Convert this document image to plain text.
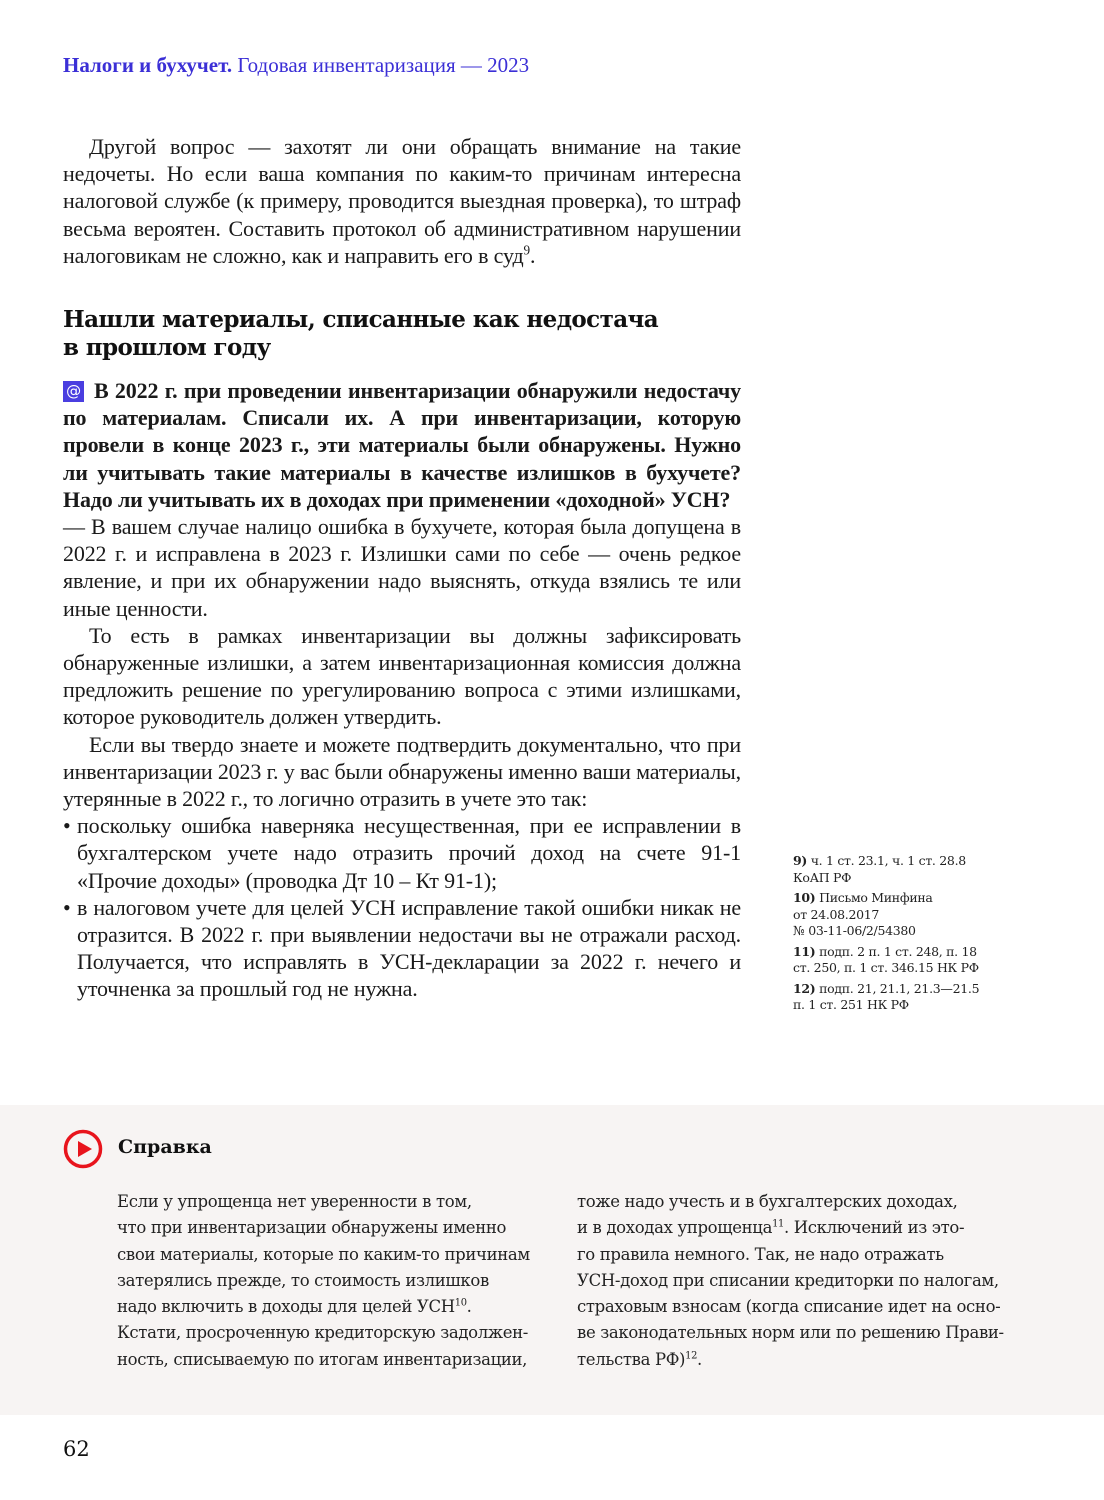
Налоги и бухучет. Годовая инвентаризация — 2023

Другой вопрос — захотят ли они обращать внимание на такие недочеты. Но если ваша компания по каким-то причинам интересна налоговой службе (к примеру, проводится выездная проверка), то штраф весьма вероятен. Составить протокол об административном нарушении налоговикам не сложно, как и направить его в суд$^9$.

Нашли материалы, списанные как недостача
в прошлом году

@ В 2022 г. при проведении инвентаризации обнаружили недостачу по материалам. Списали их. А при инвентаризации, которую провели в конце 2023 г., эти материалы были обнаружены. Нужно ли учитывать такие материалы в качестве излишков в бухучете? Надо ли учитывать их в доходах при применении «доходной» УСН?

— В вашем случае налицо ошибка в бухучете, которая была допущена в 2022 г. и исправлена в 2023 г. Излишки сами по себе — очень редкое явление, и при их обнаружении надо выяснять, откуда взялись те или иные ценности.

То есть в рамках инвентаризации вы должны зафиксировать обнаруженные излишки, а затем инвентаризационная комиссия должна предложить решение по урегулированию вопроса с этими излишками, которое руководитель должен утвердить.

Если вы твердо знаете и можете подтвердить документально, что при инвентаризации 2023 г. у вас были обнаружены именно ваши материалы, утерянные в 2022 г., то логично отразить в учете это так:

• поскольку ошибка наверняка несущественная, при ее исправлении в бухгалтерском учете надо отразить прочий доход на счете 91-1 «Прочие доходы» (проводка Дт 10 – Кт 91-1);
• в налоговом учете для целей УСН исправление такой ошибки никак не отразится. В 2022 г. при выявлении недостачи вы не отражали расход. Получается, что исправлять в УСН-декларации за 2022 г. нечего и уточненка за прошлый год не нужна.
9) ч. 1 ст. 23.1, ч. 1 ст. 28.8
КоАП РФ
10) Письмо Минфина
от 24.08.2017
№ 03-11-06/2/54380
11) подп. 2 п. 1 ст. 248, п. 18
ст. 250, п. 1 ст. 346.15 НК РФ
12) подп. 21, 21.1, 21.3—21.5
п. 1 ст. 251 НК РФ
Справка
Если у упрощенца нет уверенности в том,
что при инвентаризации обнаружены именно
свои материалы, которые по каким-то причинам
затерялись прежде, то стоимость излишков
надо включить в доходы для целей УСН$^{10}$.
Кстати, просроченную кредиторскую задолжен-
ность, списываемую по итогам инвентаризации,
тоже надо учесть и в бухгалтерских доходах,
и в доходах упрощенца$^{11}$. Исключений из это-
го правила немного. Так, не надо отражать
УСН-доход при списании кредиторки по налогам,
страховым взносам (когда списание идет на осно-
ве законодательных норм или по решению Прави-
тельства РФ)$^{12}$.
62
